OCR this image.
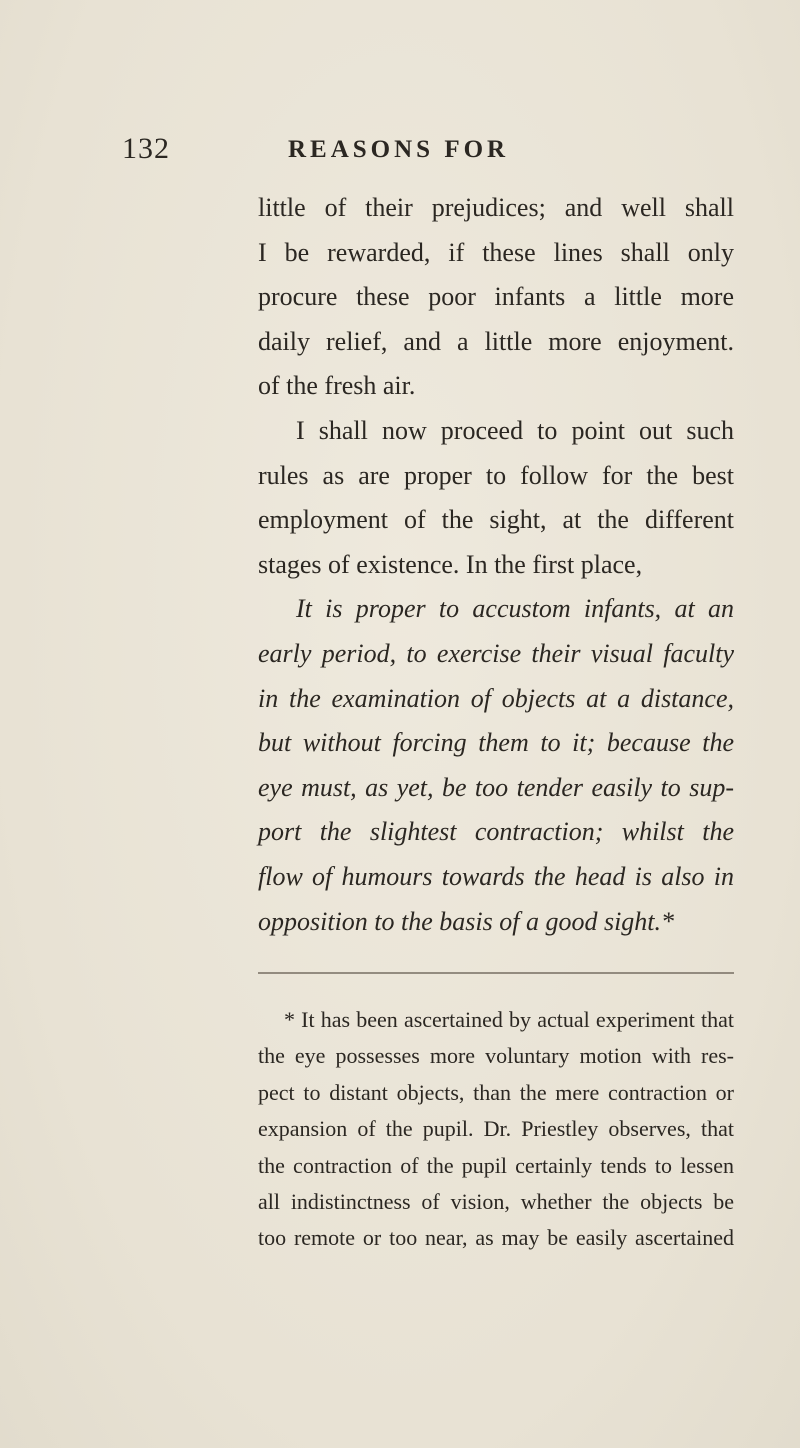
132	REASONS FOR
little of their prejudices; and well shall
I be rewarded, if these lines shall only
procure these poor infants a little more
daily relief, and a little more enjoyment.
of the fresh air.
I shall now proceed to point out such
rules as are proper to follow for the best
employment of the sight, at the different
stages of existence. In the first place,
It is proper to accustom infants, at an
early period, to exercise their visual faculty
in the examination of objects at a distance,
but without forcing them to it; because the
eye must, as yet, be too tender easily to sup-
port the slightest contraction; whilst the
flow of humours towards the head is also in
opposition to the basis of a good sight.*
* It has been ascertained by actual experiment that
the eye possesses more voluntary motion with res-
pect to distant objects, than the mere contraction or
expansion of the pupil. Dr. Priestley observes, that
the contraction of the pupil certainly tends to lessen
all indistinctness of vision, whether the objects be
too remote or too near, as may be easily ascertained
